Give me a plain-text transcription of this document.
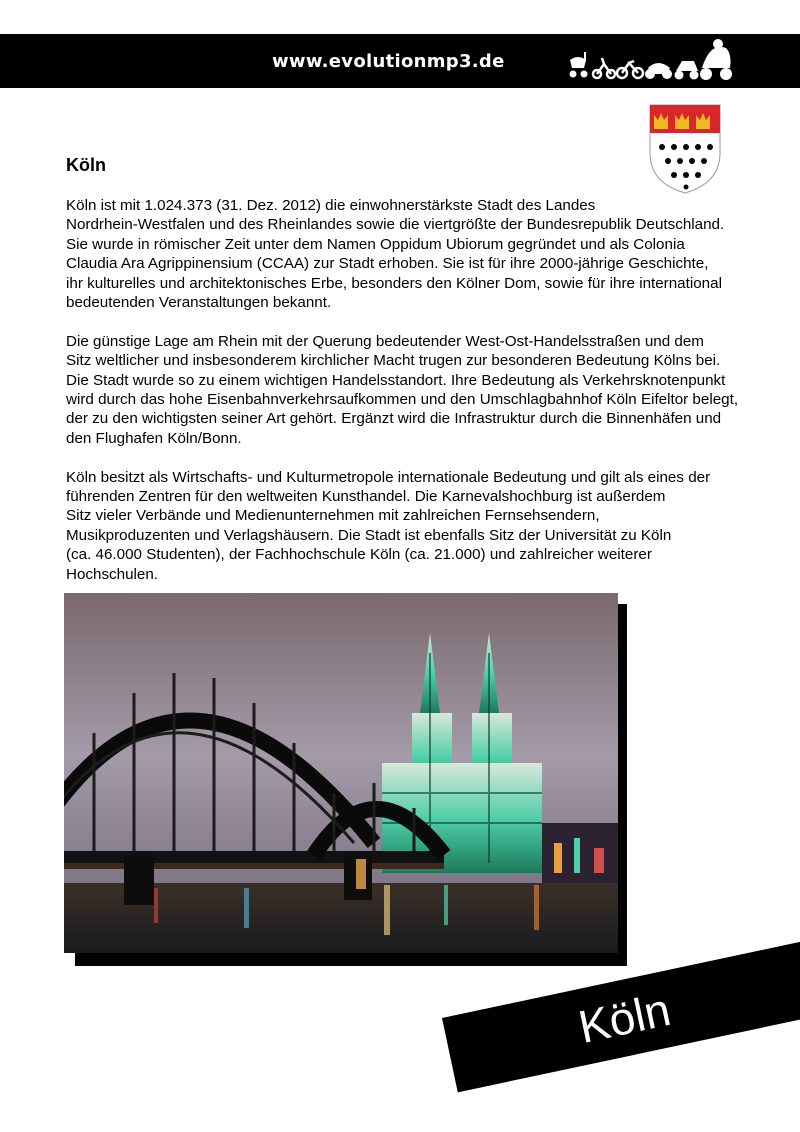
www.evolutionmp3.de
Köln

Köln ist mit 1.024.373 (31. Dez. 2012) die einwohnerstärkste Stadt des Landes
Nordrhein-Westfalen und des Rheinlandes sowie die viertgrößte der Bundesrepublik Deutschland.
Sie wurde in römischer Zeit unter dem Namen Oppidum Ubiorum gegründet und als Colonia
Claudia Ara Agrippinensium (CCAA) zur Stadt erhoben. Sie ist für ihre 2000-jährige Geschichte,
ihr kulturelles und architektonisches Erbe, besonders den Kölner Dom, sowie für ihre international
bedeutenden Veranstaltungen bekannt.

Die günstige Lage am Rhein mit der Querung bedeutender West-Ost-Handelsstraßen und dem
Sitz weltlicher und insbesonderem kirchlicher Macht trugen zur besonderen Bedeutung Kölns bei.
Die Stadt wurde so zu einem wichtigen Handelsstandort. Ihre Bedeutung als Verkehrsknotenpunkt
wird durch das hohe Eisenbahnverkehrsaufkommen und den Umschlagbahnhof Köln Eifeltor belegt,
der zu den wichtigsten seiner Art gehört. Ergänzt wird die Infrastruktur durch die Binnenhäfen und
den Flughafen Köln/Bonn.

Köln besitzt als Wirtschafts- und Kulturmetropole internationale Bedeutung und gilt als eines der
führenden Zentren für den weltweiten Kunsthandel. Die Karnevalshochburg ist außerdem
Sitz vieler Verbände und Medienunternehmen mit zahlreichen Fernsehsendern,
Musikproduzenten und Verlagshäusern. Die Stadt ist ebenfalls Sitz der Universität zu Köln
(ca. 46.000 Studenten), der Fachhochschule Köln (ca. 21.000) und zahlreicher weiterer
Hochschulen.

Köln
